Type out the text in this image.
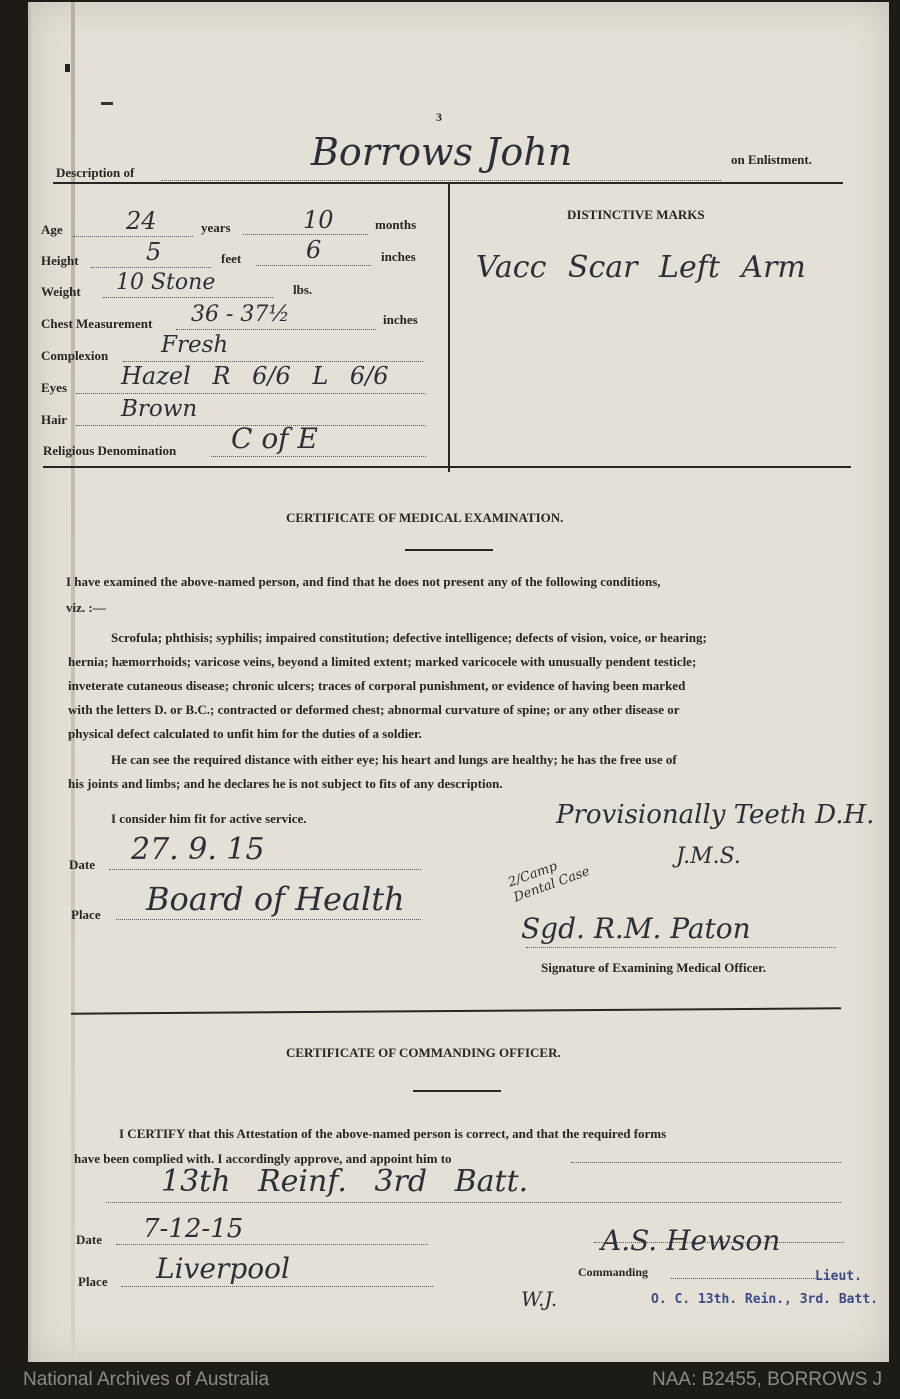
3
Description of	Borrows John	on Enlistment.
Age	24	years	10	months
Height	5	feet	6	inches
Weight 10 Stone	lbs.
Chest Measurement 36 - 37½	inches
Complexion Fresh
Eyes Hazel R 6/6 L 6/6
Hair Brown
Religious Denomination C of E
DISTINCTIVE MARKS
Vacc Scar Left Arm
CERTIFICATE OF MEDICAL EXAMINATION.
I have examined the above-named person, and find that he does not present any of the following conditions,
viz. :—
Scrofula; phthisis; syphilis; impaired constitution; defective intelligence; defects of vision, voice, or hearing;
hernia; hæmorrhoids; varicose veins, beyond a limited extent; marked varicocele with unusually pendent testicle;
inveterate cutaneous disease; chronic ulcers; traces of corporal punishment, or evidence of having been marked
with the letters D. or B.C.; contracted or deformed chest; abnormal curvature of spine; or any other disease or
physical defect calculated to unfit him for the duties of a soldier.
He can see the required distance with either eye; his heart and lungs are healthy; he has the free use of
his joints and limbs; and he declares he is not subject to fits of any description.
I consider him fit for active service.	Provisionally Teeth D.H.
J.M.S.
2/Camp Dental Case
Date 27. 9. 15
Place Board of Health
Sgd. R.M. Paton
Signature of Examining Medical Officer.
CERTIFICATE OF COMMANDING OFFICER.
I CERTIFY that this Attestation of the above-named person is correct, and that the required forms
have been complied with. I accordingly approve, and appoint him to
13th Reinf. 3rd Batt.
Date 7-12-15
Place Liverpool
A.S. Hewson
Commanding	Lieut.
O. C. 13th. Rein., 3rd. Batt.
W.J.
National Archives of Australia	NAA: B2455, BORROWS J
